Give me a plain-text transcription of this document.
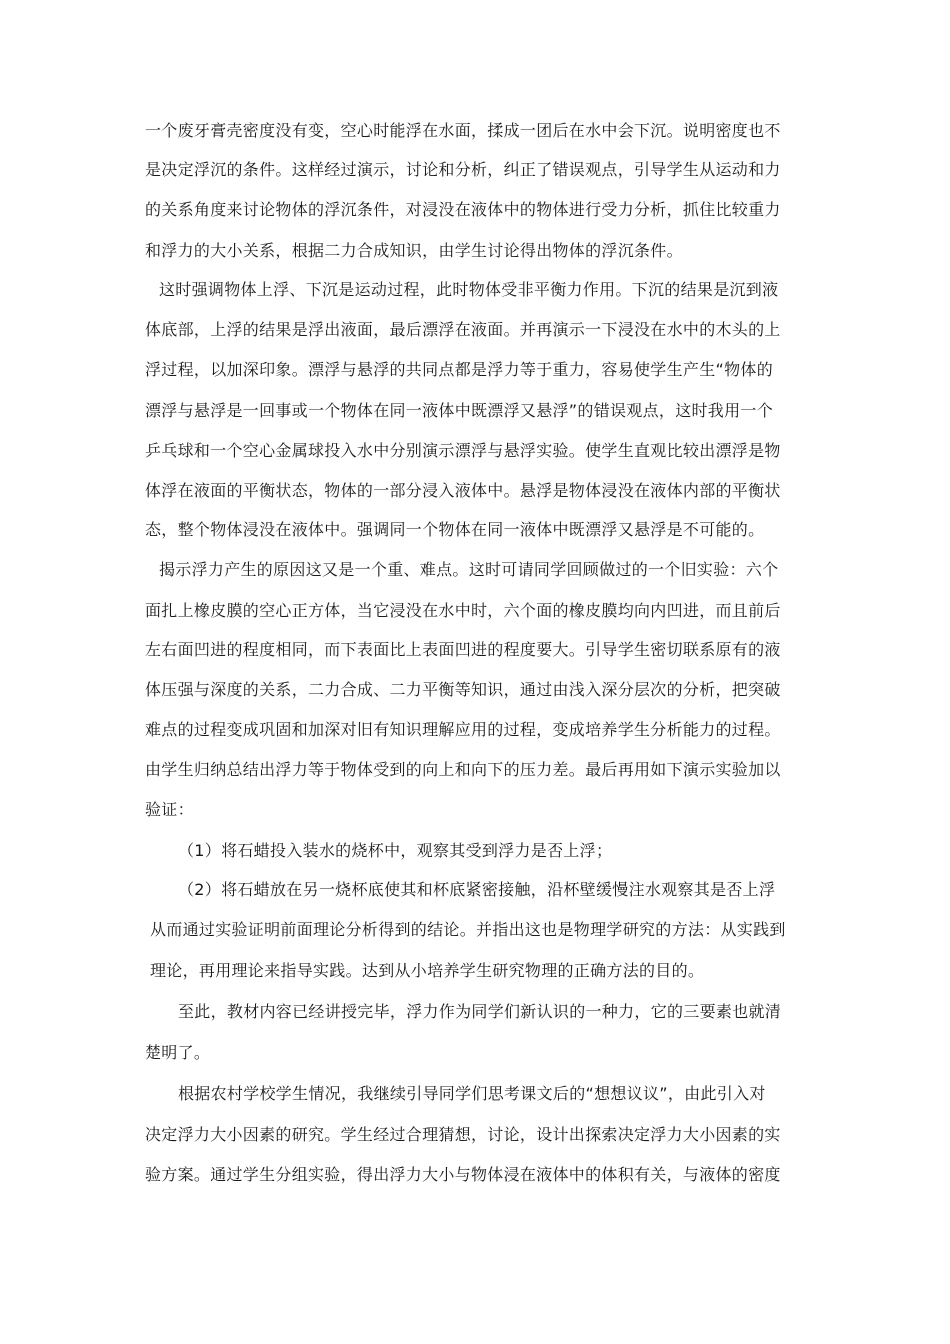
一个废牙膏壳密度没有变，空心时能浮在水面，揉成一团后在水中会下沉。说明密度也不
是决定浮沉的条件。这样经过演示，讨论和分析，纠正了错误观点，引导学生从运动和力
的关系角度来讨论物体的浮沉条件，对浸没在液体中的物体进行受力分析，抓住比较重力
和浮力的大小关系，根据二力合成知识，由学生讨论得出物体的浮沉条件。
这时强调物体上浮、下沉是运动过程，此时物体受非平衡力作用。下沉的结果是沉到液
体底部，上浮的结果是浮出液面，最后漂浮在液面。并再演示一下浸没在水中的木头的上
浮过程，以加深印象。漂浮与悬浮的共同点都是浮力等于重力，容易使学生产生“物体的
漂浮与悬浮是一回事或一个物体在同一液体中既漂浮又悬浮”的错误观点，这时我用一个
乒乓球和一个空心金属球投入水中分别演示漂浮与悬浮实验。使学生直观比较出漂浮是物
体浮在液面的平衡状态，物体的一部分浸入液体中。悬浮是物体浸没在液体内部的平衡状
态，整个物体浸没在液体中。强调同一个物体在同一液体中既漂浮又悬浮是不可能的。
揭示浮力产生的原因这又是一个重、难点。这时可请同学回顾做过的一个旧实验：六个
面扎上橡皮膜的空心正方体，当它浸没在水中时，六个面的橡皮膜均向内凹进，而且前后
左右面凹进的程度相同，而下表面比上表面凹进的程度要大。引导学生密切联系原有的液
体压强与深度的关系，二力合成、二力平衡等知识，通过由浅入深分层次的分析，把突破
难点的过程变成巩固和加深对旧有知识理解应用的过程，变成培养学生分析能力的过程。
由学生归纳总结出浮力等于物体受到的向上和向下的压力差。最后再用如下演示实验加以
验证：
（1）将石蜡投入装水的烧杯中，观察其受到浮力是否上浮；
（2）将石蜡放在另一烧杯底使其和杯底紧密接触，沿杯壁缓慢注水观察其是否上浮
从而通过实验证明前面理论分析得到的结论。并指出这也是物理学研究的方法：从实践到
理论，再用理论来指导实践。达到从小培养学生研究物理的正确方法的目的。
至此，教材内容已经讲授完毕，浮力作为同学们新认识的一种力，它的三要素也就清
楚明了。
根据农村学校学生情况，我继续引导同学们思考课文后的“想想议议”，由此引入对
决定浮力大小因素的研究。学生经过合理猜想，讨论，设计出探索决定浮力大小因素的实
验方案。通过学生分组实验，得出浮力大小与物体浸在液体中的体积有关，与液体的密度
